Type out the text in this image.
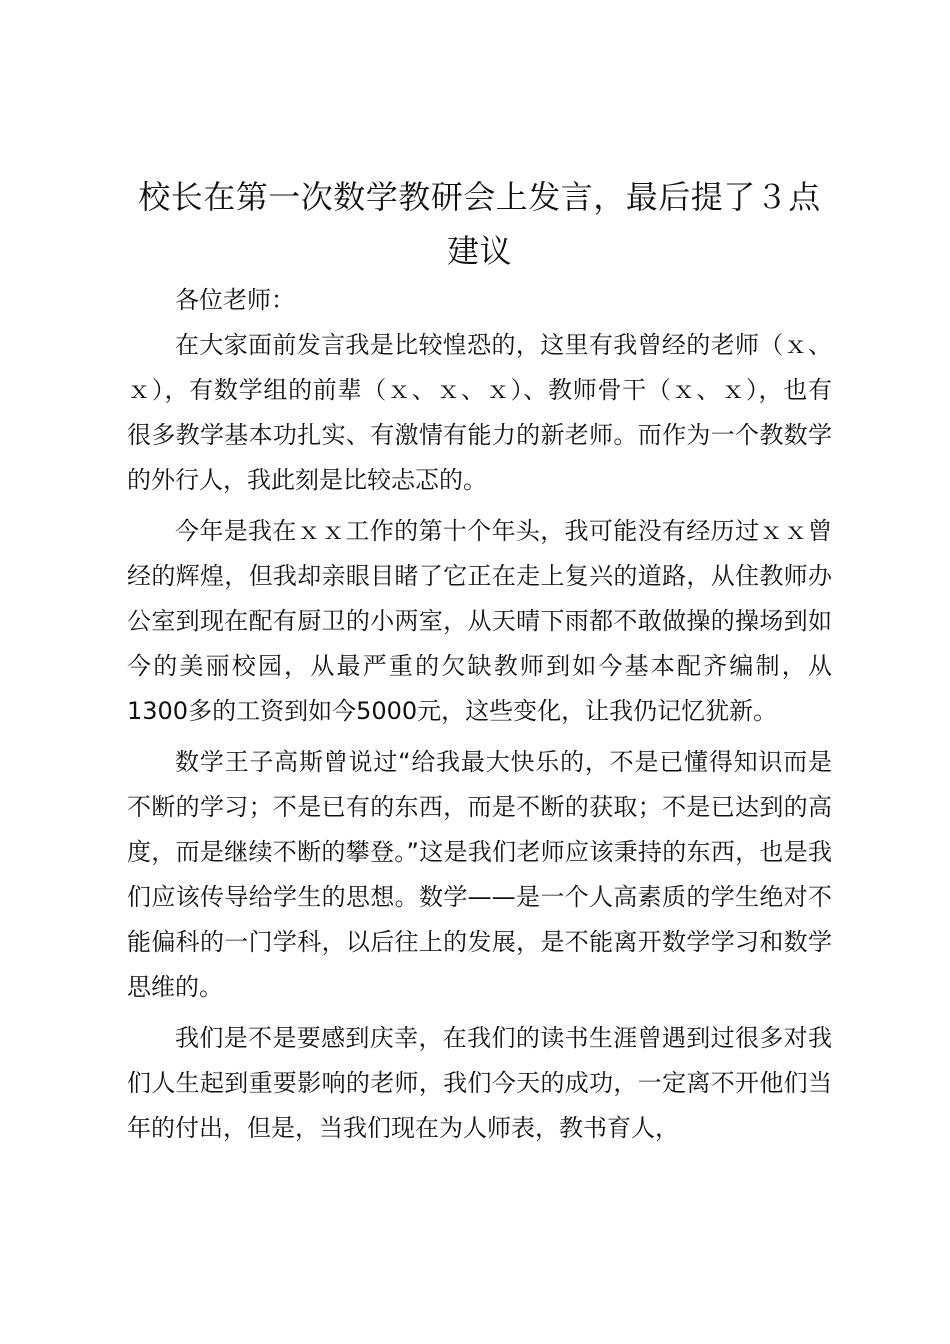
校长在第一次数学教研会上发言，最后提了３点建议

各位老师：

在大家面前发言我是比较惶恐的，这里有我曾经的老师（ｘ、ｘ），有数学组的前辈（ｘ、ｘ、ｘ）、教师骨干（ｘ、ｘ），也有很多教学基本功扎实、有激情有能力的新老师。而作为一个教数学的外行人，我此刻是比较忐忑的。

今年是我在ｘｘ工作的第十个年头，我可能没有经历过ｘｘ曾经的辉煌，但我却亲眼目睹了它正在走上复兴的道路，从住教师办公室到现在配有厨卫的小两室，从天晴下雨都不敢做操的操场到如今的美丽校园，从最严重的欠缺教师到如今基本配齐编制，从1300多的工资到如今5000元，这些变化，让我仍记忆犹新。

数学王子高斯曾说过“给我最大快乐的，不是已懂得知识而是不断的学习；不是已有的东西，而是不断的获取；不是已达到的高度，而是继续不断的攀登。”这是我们老师应该秉持的东西，也是我们应该传导给学生的思想。数学——是一个人高素质的学生绝对不能偏科的一门学科，以后往上的发展，是不能离开数学学习和数学思维的。

我们是不是要感到庆幸，在我们的读书生涯曾遇到过很多对我们人生起到重要影响的老师，我们今天的成功，一定离不开他们当年的付出，但是，当我们现在为人师表，教书育人，
